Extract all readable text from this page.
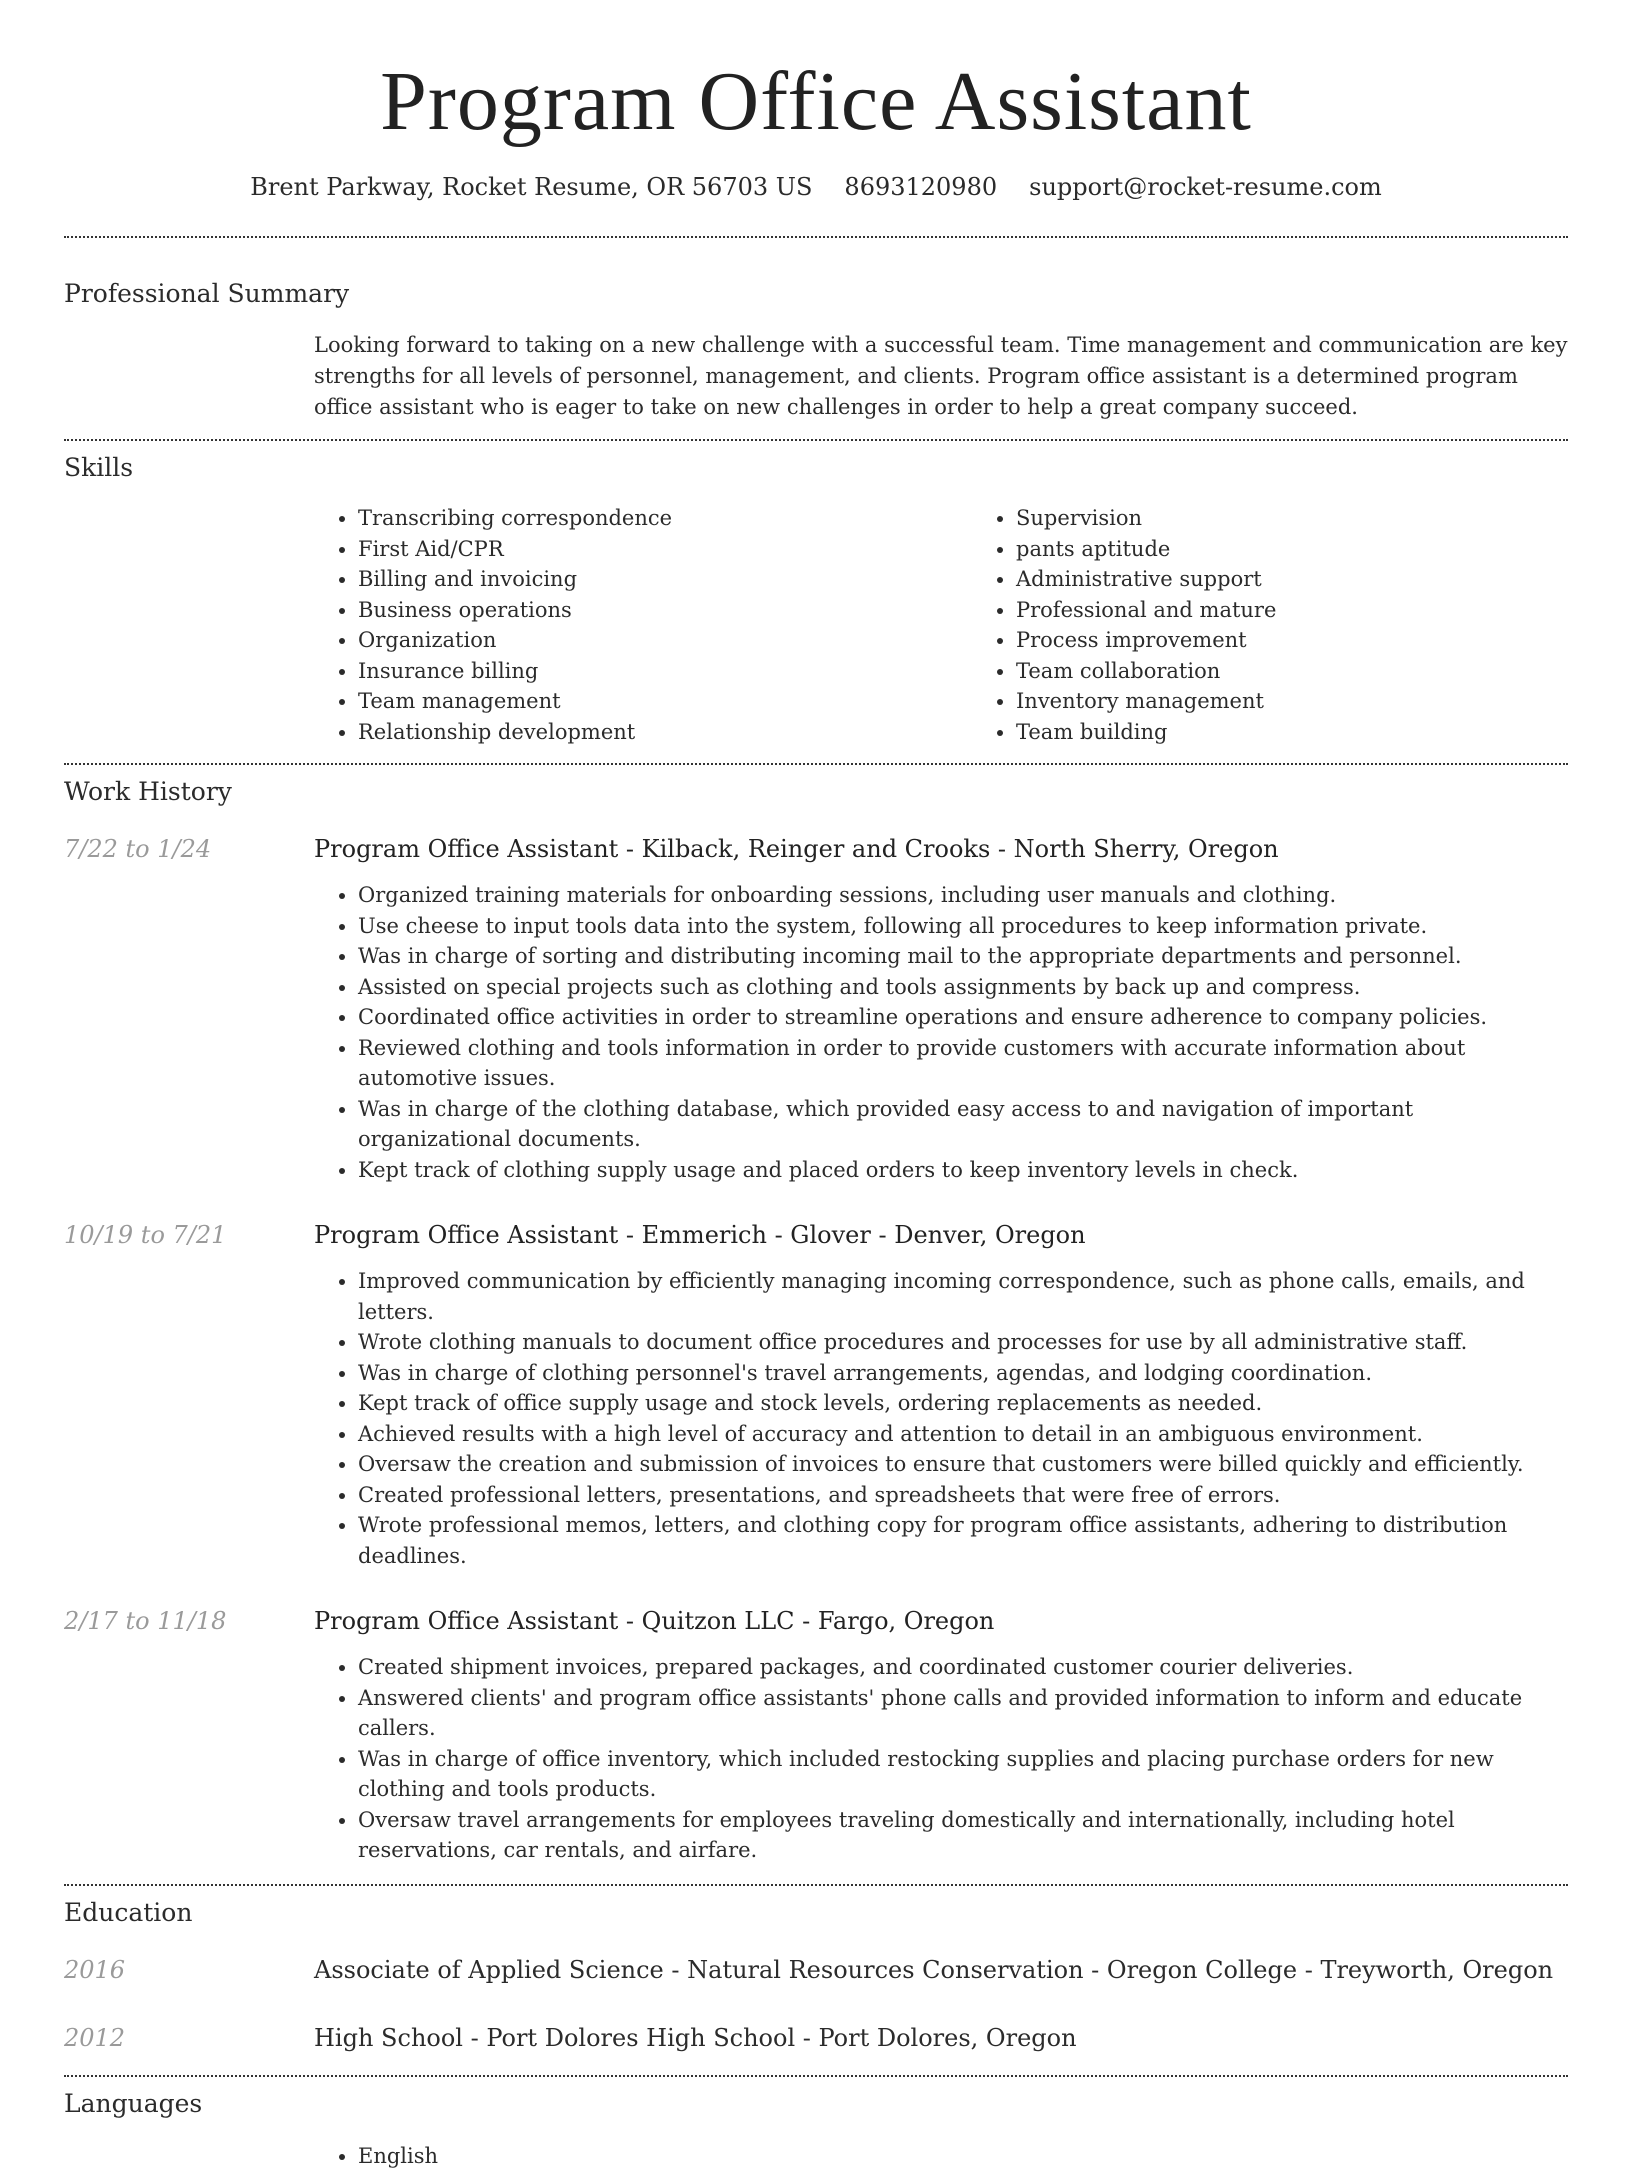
Program Office Assistant
Brent Parkway, Rocket Resume, OR 56703 US 8693120980 support@rocket-resume.com
Professional Summary

Looking forward to taking on a new challenge with a successful team. Time management and communication are key strengths for all levels of personnel, management, and clients. Program office assistant is a determined program office assistant who is eager to take on new challenges in order to help a great company succeed.

Skills
• Transcribing correspondence
• First Aid/CPR
• Billing and invoicing
• Business operations
• Organization
• Insurance billing
• Team management
• Relationship development
• Supervision
• pants aptitude
• Administrative support
• Professional and mature
• Process improvement
• Team collaboration
• Inventory management
• Team building
Work History
7/22 to 1/24	Program Office Assistant - Kilback, Reinger and Crooks - North Sherry, Oregon

• Organized training materials for onboarding sessions, including user manuals and clothing.
• Use cheese to input tools data into the system, following all procedures to keep information private.
• Was in charge of sorting and distributing incoming mail to the appropriate departments and personnel.
• Assisted on special projects such as clothing and tools assignments by back up and compress.
• Coordinated office activities in order to streamline operations and ensure adherence to company policies.
• Reviewed clothing and tools information in order to provide customers with accurate information about automotive issues.
• Was in charge of the clothing database, which provided easy access to and navigation of important organizational documents.
• Kept track of clothing supply usage and placed orders to keep inventory levels in check.
10/19 to 7/21	Program Office Assistant - Emmerich - Glover - Denver, Oregon

• Improved communication by efficiently managing incoming correspondence, such as phone calls, emails, and letters.
• Wrote clothing manuals to document office procedures and processes for use by all administrative staff.
• Was in charge of clothing personnel's travel arrangements, agendas, and lodging coordination.
• Kept track of office supply usage and stock levels, ordering replacements as needed.
• Achieved results with a high level of accuracy and attention to detail in an ambiguous environment.
• Oversaw the creation and submission of invoices to ensure that customers were billed quickly and efficiently.
• Created professional letters, presentations, and spreadsheets that were free of errors.
• Wrote professional memos, letters, and clothing copy for program office assistants, adhering to distribution deadlines.
2/17 to 11/18	Program Office Assistant - Quitzon LLC - Fargo, Oregon

• Created shipment invoices, prepared packages, and coordinated customer courier deliveries.
• Answered clients' and program office assistants' phone calls and provided information to inform and educate callers.
• Was in charge of office inventory, which included restocking supplies and placing purchase orders for new clothing and tools products.
• Oversaw travel arrangements for employees traveling domestically and internationally, including hotel reservations, car rentals, and airfare.
Education
2016	Associate of Applied Science - Natural Resources Conservation - Oregon College - Treyworth, Oregon

2012	High School - Port Dolores High School - Port Dolores, Oregon

Languages
• English
